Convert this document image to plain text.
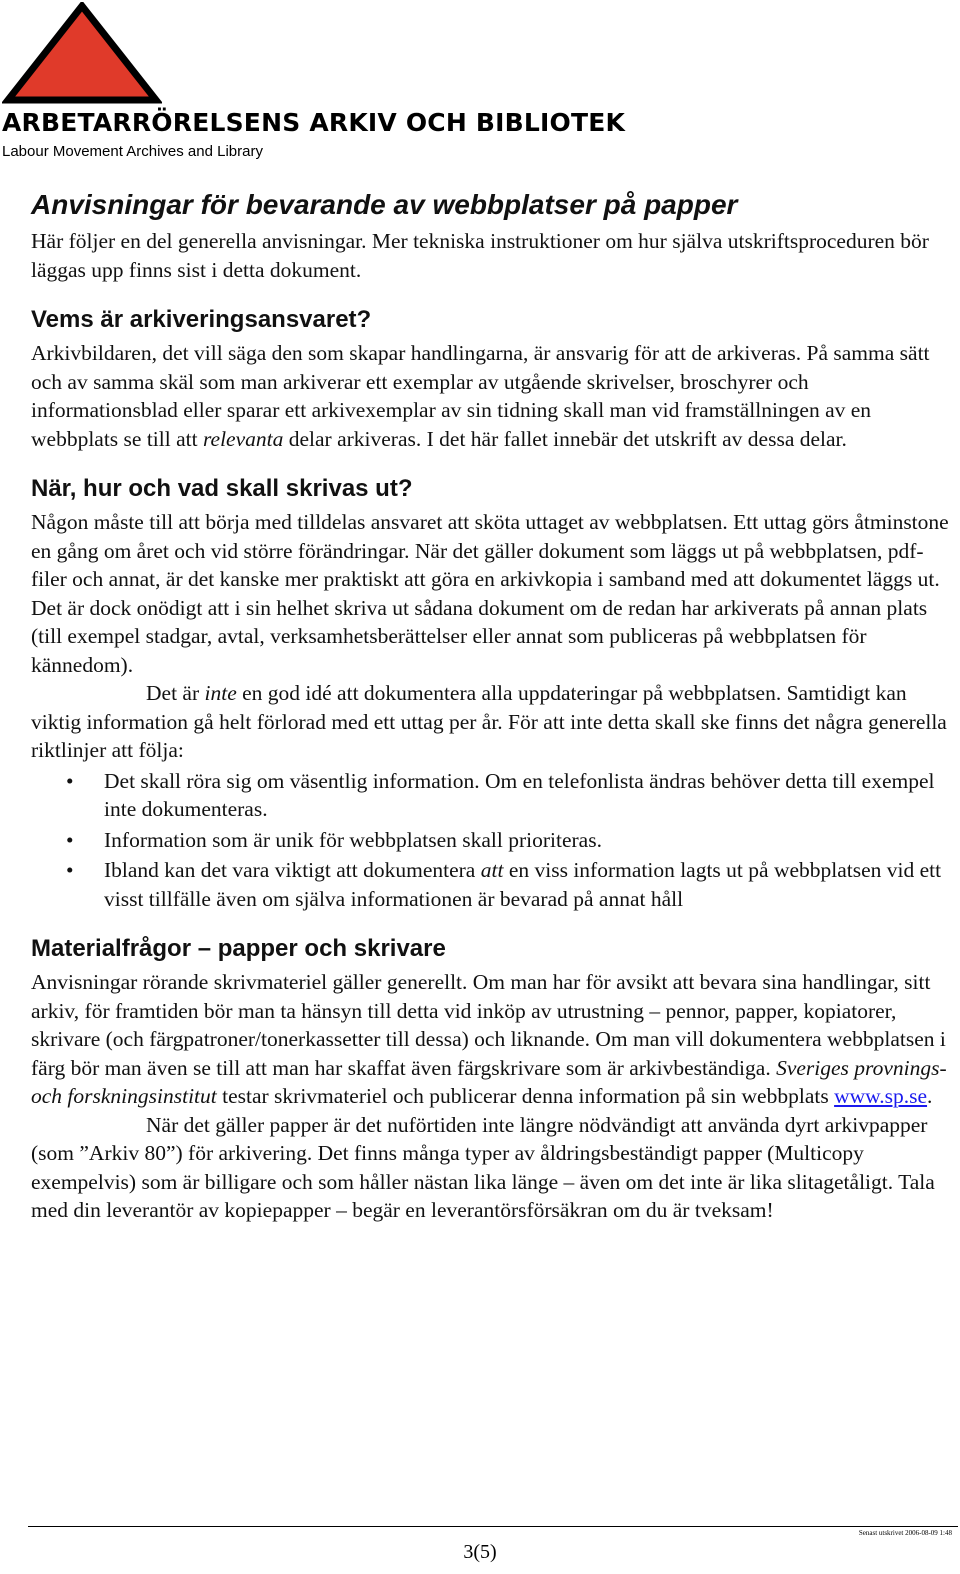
ARBETARRÖRELSENS ARKIV OCH BIBLIOTEK
Labour Movement Archives and Library
Anvisningar för bevarande av webbplatser på papper

Här följer en del generella anvisningar. Mer tekniska instruktioner om hur själva utskriftsproceduren bör läggas upp finns sist i detta dokument.

Vems är arkiveringsansvaret?

Arkivbildaren, det vill säga den som skapar handlingarna, är ansvarig för att de arkiveras. På samma sätt och av samma skäl som man arkiverar ett exemplar av utgående skrivelser, broschyrer och informationsblad eller sparar ett arkivexemplar av sin tidning skall man vid framställningen av en webbplats se till att relevanta delar arkiveras. I det här fallet innebär det utskrift av dessa delar.

När, hur och vad skall skrivas ut?

Någon måste till att börja med tilldelas ansvaret att sköta uttaget av webbplatsen. Ett uttag görs åtminstone en gång om året och vid större förändringar. När det gäller dokument som läggs ut på webbplatsen, pdf-filer och annat, är det kanske mer praktiskt att göra en arkivkopia i samband med att dokumentet läggs ut. Det är dock onödigt att i sin helhet skriva ut sådana dokument om de redan har arkiverats på annan plats (till exempel stadgar, avtal, verksamhetsberättelser eller annat som publiceras på webbplatsen för kännedom).

Det är inte en god idé att dokumentera alla uppdateringar på webbplatsen. Samtidigt kan viktig information gå helt förlorad med ett uttag per år. För att inte detta skall ske finns det några generella riktlinjer att följa:

• Det skall röra sig om väsentlig information. Om en telefonlista ändras behöver detta till exempel inte dokumenteras.
• Information som är unik för webbplatsen skall prioriteras.
• Ibland kan det vara viktigt att dokumentera att en viss information lagts ut på webbplatsen vid ett visst tillfälle även om själva informationen är bevarad på annat håll
Materialfrågor – papper och skrivare

Anvisningar rörande skrivmateriel gäller generellt. Om man har för avsikt att bevara sina handlingar, sitt arkiv, för framtiden bör man ta hänsyn till detta vid inköp av utrustning – pennor, papper, kopiatorer, skrivare (och färgpatroner/tonerkassetter till dessa) och liknande. Om man vill dokumentera webbplatsen i färg bör man även se till att man har skaffat även färgskrivare som är arkivbeständiga. Sveriges provnings- och forskningsinstitut testar skrivmateriel och publicerar denna information på sin webbplats www.sp.se.

När det gäller papper är det nuförtiden inte längre nödvändigt att använda dyrt arkivpapper (som ”Arkiv 80”) för arkivering. Det finns många typer av åldringsbeständigt papper (Multicopy exempelvis) som är billigare och som håller nästan lika länge – även om det inte är lika slitagetåligt. Tala med din leverantör av kopiepapper – begär en leverantörsförsäkran om du är tveksam!

Senast utskrivet 2006-08-09 1:48
3(5)
